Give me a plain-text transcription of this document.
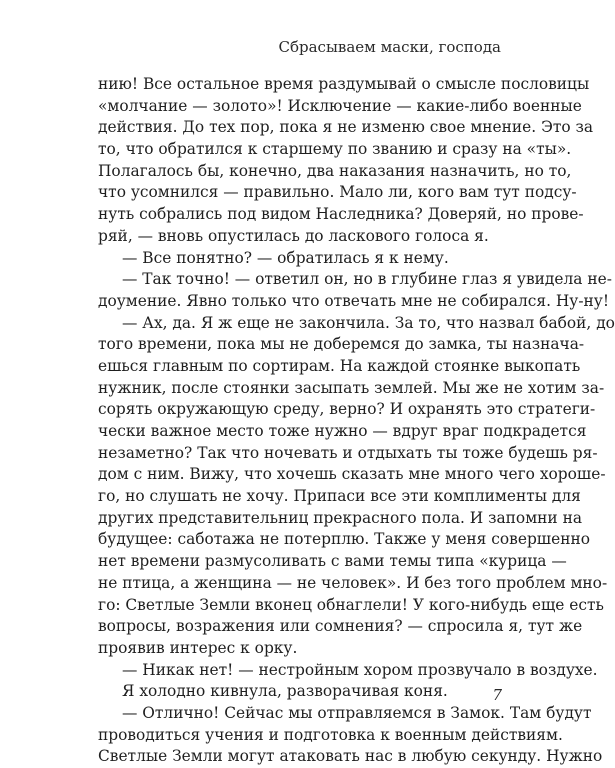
Сбрасываем маски, господа
нию! Все остальное время раздумывай о смысле пословицы
«молчание — золото»! Исключение — какие-либо военные
действия. До тех пор, пока я не изменю свое мнение. Это за
то, что обратился к старшему по званию и сразу на «ты».
Полагалось бы, конечно, два наказания назначить, но то,
что усомнился — правильно. Мало ли, кого вам тут подсу-
нуть собрались под видом Наследника? Доверяй, но прове-
ряй, — вновь опустилась до ласкового голоса я.
— Все понятно? — обратилась я к нему.
— Так точно! — ответил он, но в глубине глаз я увидела не-
доумение. Явно только что отвечать мне не собирался. Ну-ну!
— Ах, да. Я ж еще не закончила. За то, что назвал бабой, до
того времени, пока мы не доберемся до замка, ты назнача-
ешься главным по сортирам. На каждой стоянке выкопать
нужник, после стоянки засыпать землей. Мы же не хотим за-
сорять окружающую среду, верно? И охранять это стратеги-
чески важное место тоже нужно — вдруг враг подкрадется
незаметно? Так что ночевать и отдыхать ты тоже будешь ря-
дом с ним. Вижу, что хочешь сказать мне много чего хороше-
го, но слушать не хочу. Припаси все эти комплименты для
других представительниц прекрасного пола. И запомни на
будущее: саботажа не потерплю. Также у меня совершенно
нет времени размусоливать с вами темы типа «курица —
не птица, а женщина — не человек». И без того проблем мно-
го: Светлые Земли вконец обнаглели! У кого-нибудь еще есть
вопросы, возражения или сомнения? — спросила я, тут же
проявив интерес к орку.
— Никак нет! — нестройным хором прозвучало в воздухе.
Я холодно кивнула, разворачивая коня.
— Отлично! Сейчас мы отправляемся в Замок. Там будут
проводиться учения и подготовка к военным действиям.
Светлые Земли могут атаковать нас в любую секунду. Нужно
7
